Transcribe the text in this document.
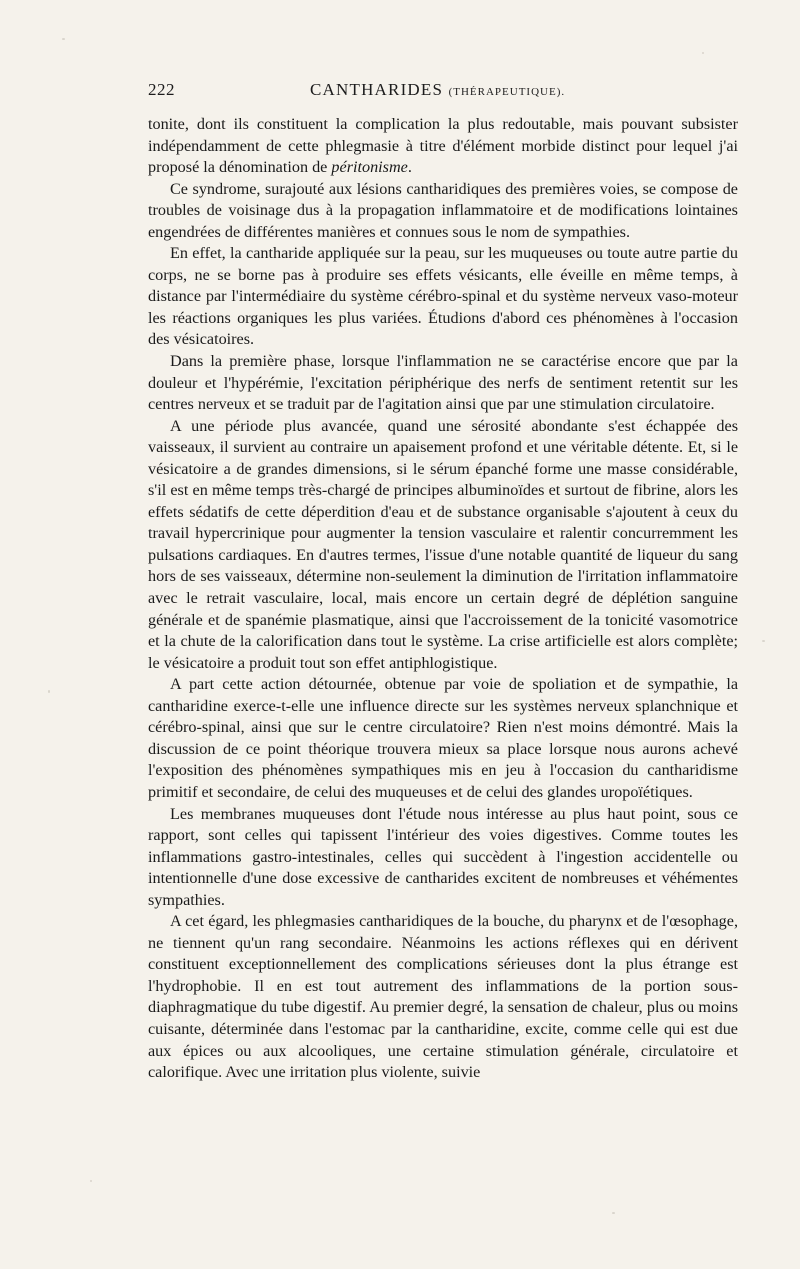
222	CANTHARIDES (THÉRAPEUTIQUE).

tonite, dont ils constituent la complication la plus redoutable, mais pouvant subsister indépendamment de cette phlegmasie à titre d'élément morbide distinct pour lequel j'ai proposé la dénomination de péritonisme.

Ce syndrome, surajouté aux lésions cantharidiques des premières voies, se compose de troubles de voisinage dus à la propagation inflammatoire et de modifications lointaines engendrées de différentes manières et connues sous le nom de sympathies.

En effet, la cantharide appliquée sur la peau, sur les muqueuses ou toute autre partie du corps, ne se borne pas à produire ses effets vésicants, elle éveille en même temps, à distance par l'intermédiaire du système cérébro-spinal et du système nerveux vaso-moteur les réactions organiques les plus variées. Étudions d'abord ces phénomènes à l'occasion des vésicatoires.

Dans la première phase, lorsque l'inflammation ne se caractérise encore que par la douleur et l'hypérémie, l'excitation périphérique des nerfs de sentiment retentit sur les centres nerveux et se traduit par de l'agitation ainsi que par une stimulation circulatoire.

A une période plus avancée, quand une sérosité abondante s'est échappée des vaisseaux, il survient au contraire un apaisement profond et une véritable détente. Et, si le vésicatoire a de grandes dimensions, si le sérum épanché forme une masse considérable, s'il est en même temps très-chargé de principes albuminoïdes et surtout de fibrine, alors les effets sédatifs de cette déperdition d'eau et de substance organisable s'ajoutent à ceux du travail hypercrinique pour augmenter la tension vasculaire et ralentir concurremment les pulsations cardiaques. En d'autres termes, l'issue d'une notable quantité de liqueur du sang hors de ses vaisseaux, détermine non-seulement la diminution de l'irritation inflammatoire avec le retrait vasculaire, local, mais encore un certain degré de déplétion sanguine générale et de spanémie plasmatique, ainsi que l'accroissement de la tonicité vasomotrice et la chute de la calorification dans tout le système. La crise artificielle est alors complète; le vésicatoire a produit tout son effet antiphlogistique.

A part cette action détournée, obtenue par voie de spoliation et de sympathie, la cantharidine exerce-t-elle une influence directe sur les systèmes nerveux splanchnique et cérébro-spinal, ainsi que sur le centre circulatoire? Rien n'est moins démontré. Mais la discussion de ce point théorique trouvera mieux sa place lorsque nous aurons achevé l'exposition des phénomènes sympathiques mis en jeu à l'occasion du cantharidisme primitif et secondaire, de celui des muqueuses et de celui des glandes uropoïétiques.

Les membranes muqueuses dont l'étude nous intéresse au plus haut point, sous ce rapport, sont celles qui tapissent l'intérieur des voies digestives. Comme toutes les inflammations gastro-intestinales, celles qui succèdent à l'ingestion accidentelle ou intentionnelle d'une dose excessive de cantharides excitent de nombreuses et véhémentes sympathies.

A cet égard, les phlegmasies cantharidiques de la bouche, du pharynx et de l'œsophage, ne tiennent qu'un rang secondaire. Néanmoins les actions réflexes qui en dérivent constituent exceptionnellement des complications sérieuses dont la plus étrange est l'hydrophobie. Il en est tout autrement des inflammations de la portion sous-diaphragmatique du tube digestif. Au premier degré, la sensation de chaleur, plus ou moins cuisante, déterminée dans l'estomac par la cantharidine, excite, comme celle qui est due aux épices ou aux alcooliques, une certaine stimulation générale, circulatoire et calorifique. Avec une irritation plus violente, suivie
